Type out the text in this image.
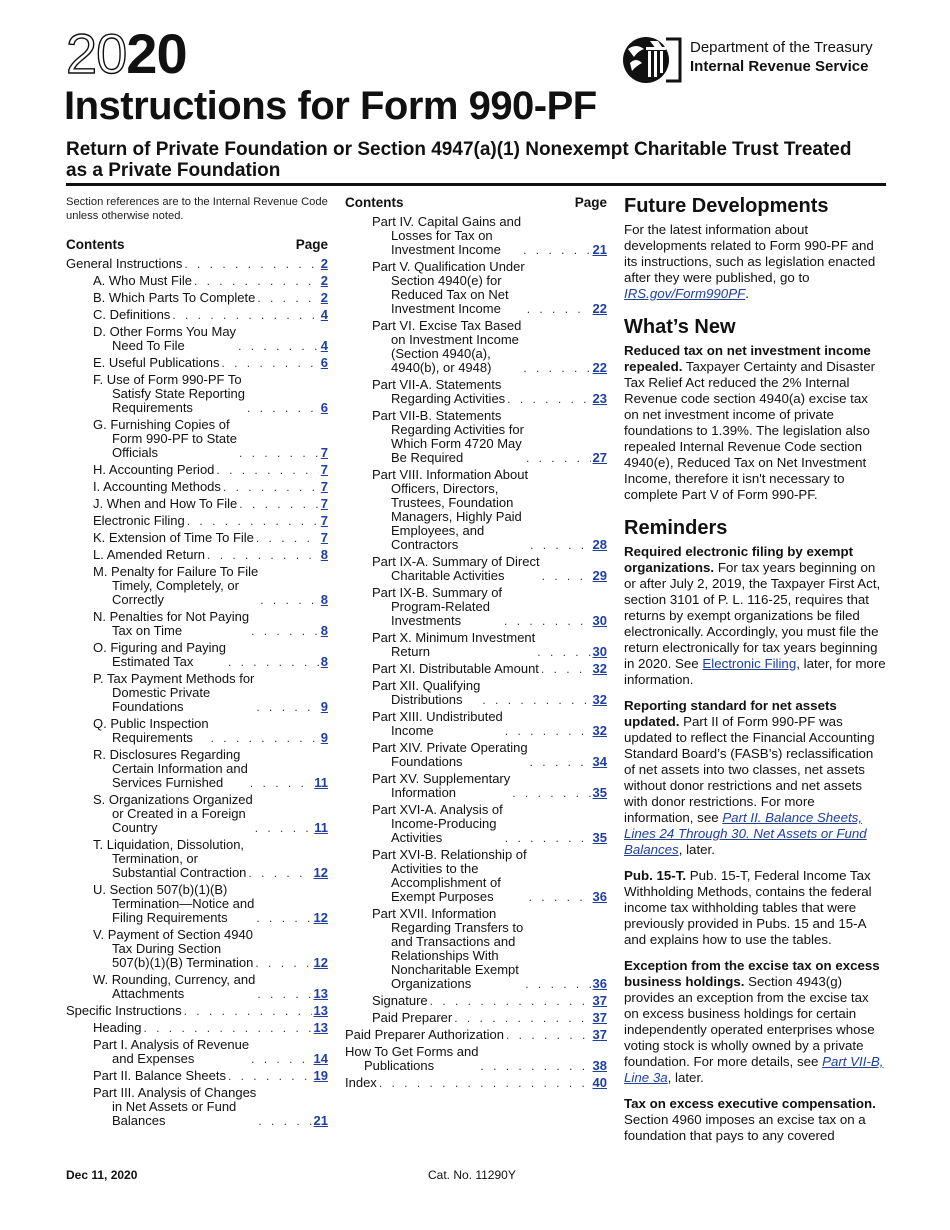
2020
Instructions for Form 990-PF
Return of Private Foundation or Section 4947(a)(1) Nonexempt Charitable Trust Treated as a Private Foundation
Department of the Treasury
Internal Revenue Service
Section references are to the Internal Revenue Code unless otherwise noted.
Contents	Page
General Instructions . . .	2
A. Who Must File . . .	2
B. Which Parts To Complete . . .	2
C. Definitions . . .	4
D. Other Forms You May
Need To File . . .	4
E. Useful Publications . . .	6
F. Use of Form 990-PF To
Satisfy State Reporting
Requirements . . .	6
G. Furnishing Copies of
Form 990-PF to State
Officials . . .	7
H. Accounting Period . . .	7
I. Accounting Methods . . .	7
J. When and How To File . . .	7
Electronic Filing . . .	7
K. Extension of Time To File . . .	7
L. Amended Return . . .	8
M. Penalty for Failure To File
Timely, Completely, or
Correctly . . .	8
N. Penalties for Not Paying
Tax on Time . . .	8
O. Figuring and Paying
Estimated Tax . . .	8
P. Tax Payment Methods for
Domestic Private
Foundations . . .	9
Q. Public Inspection
Requirements . . .	9
R. Disclosures Regarding
Certain Information and
Services Furnished . . .	11
S. Organizations Organized
or Created in a Foreign
Country . . .	11
T. Liquidation, Dissolution,
Termination, or
Substantial Contraction . . .	12
U. Section 507(b)(1)(B)
Termination—Notice and
Filing Requirements . . .	12
V. Payment of Section 4940
Tax During Section
507(b)(1)(B) Termination . . .	12
W. Rounding, Currency, and
Attachments . . .	13
Specific Instructions . . .	13
Heading . . .	13
Part I. Analysis of Revenue
and Expenses . . .	14
Part II. Balance Sheets . . .	19
Part III. Analysis of Changes
in Net Assets or Fund
Balances . . .	21
Contents	Page
Part IV. Capital Gains and
Losses for Tax on
Investment Income . . .	21
Part V. Qualification Under
Section 4940(e) for
Reduced Tax on Net
Investment Income . . .	22
Part VI. Excise Tax Based
on Investment Income
(Section 4940(a),
4940(b), or 4948) . . .	22
Part VII-A. Statements
Regarding Activities . . .	23
Part VII-B. Statements
Regarding Activities for
Which Form 4720 May
Be Required . . .	27
Part VIII. Information About
Officers, Directors,
Trustees, Foundation
Managers, Highly Paid
Employees, and
Contractors . . .	28
Part IX-A. Summary of Direct
Charitable Activities . . .	29
Part IX-B. Summary of
Program-Related
Investments . . .	30
Part X. Minimum Investment
Return . . .	30
Part XI. Distributable Amount . . .	32
Part XII. Qualifying
Distributions . . .	32
Part XIII. Undistributed
Income . . .	32
Part XIV. Private Operating
Foundations . . .	34
Part XV. Supplementary
Information . . .	35
Part XVI-A. Analysis of
Income-Producing
Activities . . .	35
Part XVI-B. Relationship of
Activities to the
Accomplishment of
Exempt Purposes . . .	36
Part XVII. Information
Regarding Transfers to
and Transactions and
Relationships With
Noncharitable Exempt
Organizations . . .	36
Signature . . .	37
Paid Preparer . . .	37
Paid Preparer Authorization . . .	37
How To Get Forms and
Publications . . .	38
Index . . .	40
Future Developments

For the latest information about developments related to Form 990-PF and its instructions, such as legislation enacted after they were published, go to IRS.gov/Form990PF.

What’s New

Reduced tax on net investment income repealed. Taxpayer Certainty and Disaster Tax Relief Act reduced the 2% Internal Revenue code section 4940(a) excise tax on net investment income of private foundations to 1.39%. The legislation also repealed Internal Revenue Code section 4940(e), Reduced Tax on Net Investment Income, therefore it isn't necessary to complete Part V of Form 990-PF.

Reminders

Required electronic filing by exempt organizations. For tax years beginning on or after July 2, 2019, the Taxpayer First Act, section 3101 of P. L. 116-25, requires that returns by exempt organizations be filed electronically. Accordingly, you must file the return electronically for tax years beginning in 2020. See Electronic Filing, later, for more information.

Reporting standard for net assets updated. Part II of Form 990-PF was updated to reflect the Financial Accounting Standard Board’s (FASB’s) reclassification of net assets into two classes, net assets without donor restrictions and net assets with donor restrictions. For more information, see Part II. Balance Sheets, Lines 24 Through 30. Net Assets or Fund Balances, later.

Pub. 15-T. Pub. 15-T, Federal Income Tax Withholding Methods, contains the federal income tax withholding tables that were previously provided in Pubs. 15 and 15-A and explains how to use the tables.

Exception from the excise tax on excess business holdings. Section 4943(g) provides an exception from the excise tax on excess business holdings for certain independently operated enterprises whose voting stock is wholly owned by a private foundation. For more details, see Part VII-B, Line 3a, later.

Tax on excess executive compensation. Section 4960 imposes an excise tax on a foundation that pays to any covered

Dec 11, 2020	Cat. No. 11290Y
